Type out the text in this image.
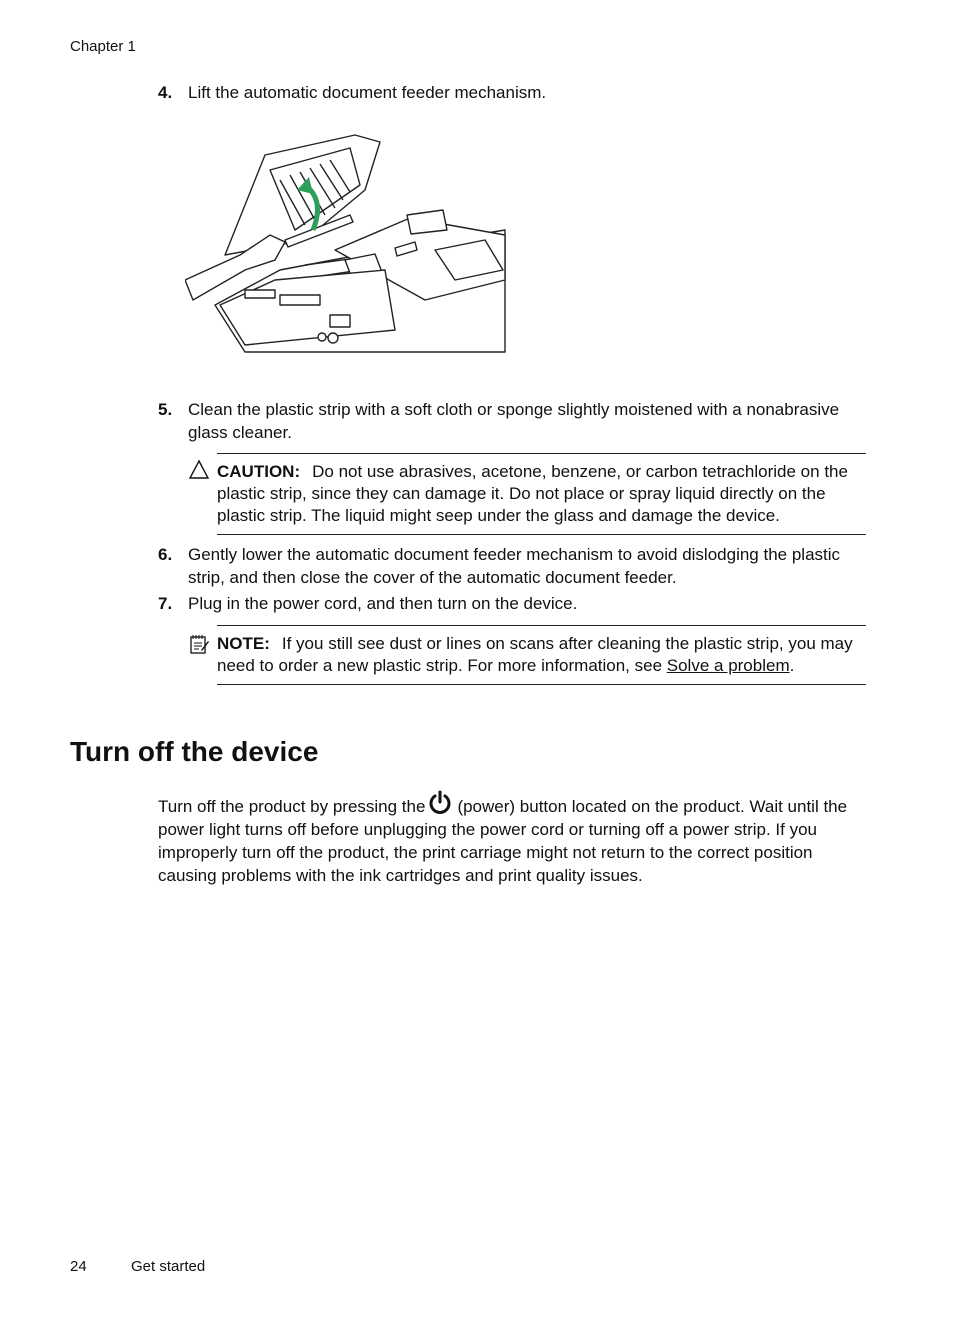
Chapter 1
4. Lift the automatic document feeder mechanism.
5. Clean the plastic strip with a soft cloth or sponge slightly moistened with a nonabrasive glass cleaner.
CAUTION: Do not use abrasives, acetone, benzene, or carbon tetrachloride on the plastic strip, since they can damage it. Do not place or spray liquid directly on the plastic strip. The liquid might seep under the glass and damage the device.
6. Gently lower the automatic document feeder mechanism to avoid dislodging the plastic strip, and then close the cover of the automatic document feeder.
7. Plug in the power cord, and then turn on the device.
NOTE: If you still see dust or lines on scans after cleaning the plastic strip, you may need to order a new plastic strip. For more information, see Solve a problem.
Turn off the device
Turn off the product by pressing the (power) button located on the product. Wait until the power light turns off before unplugging the power cord or turning off a power strip. If you improperly turn off the product, the print carriage might not return to the correct position causing problems with the ink cartridges and print quality issues.
24	Get started
